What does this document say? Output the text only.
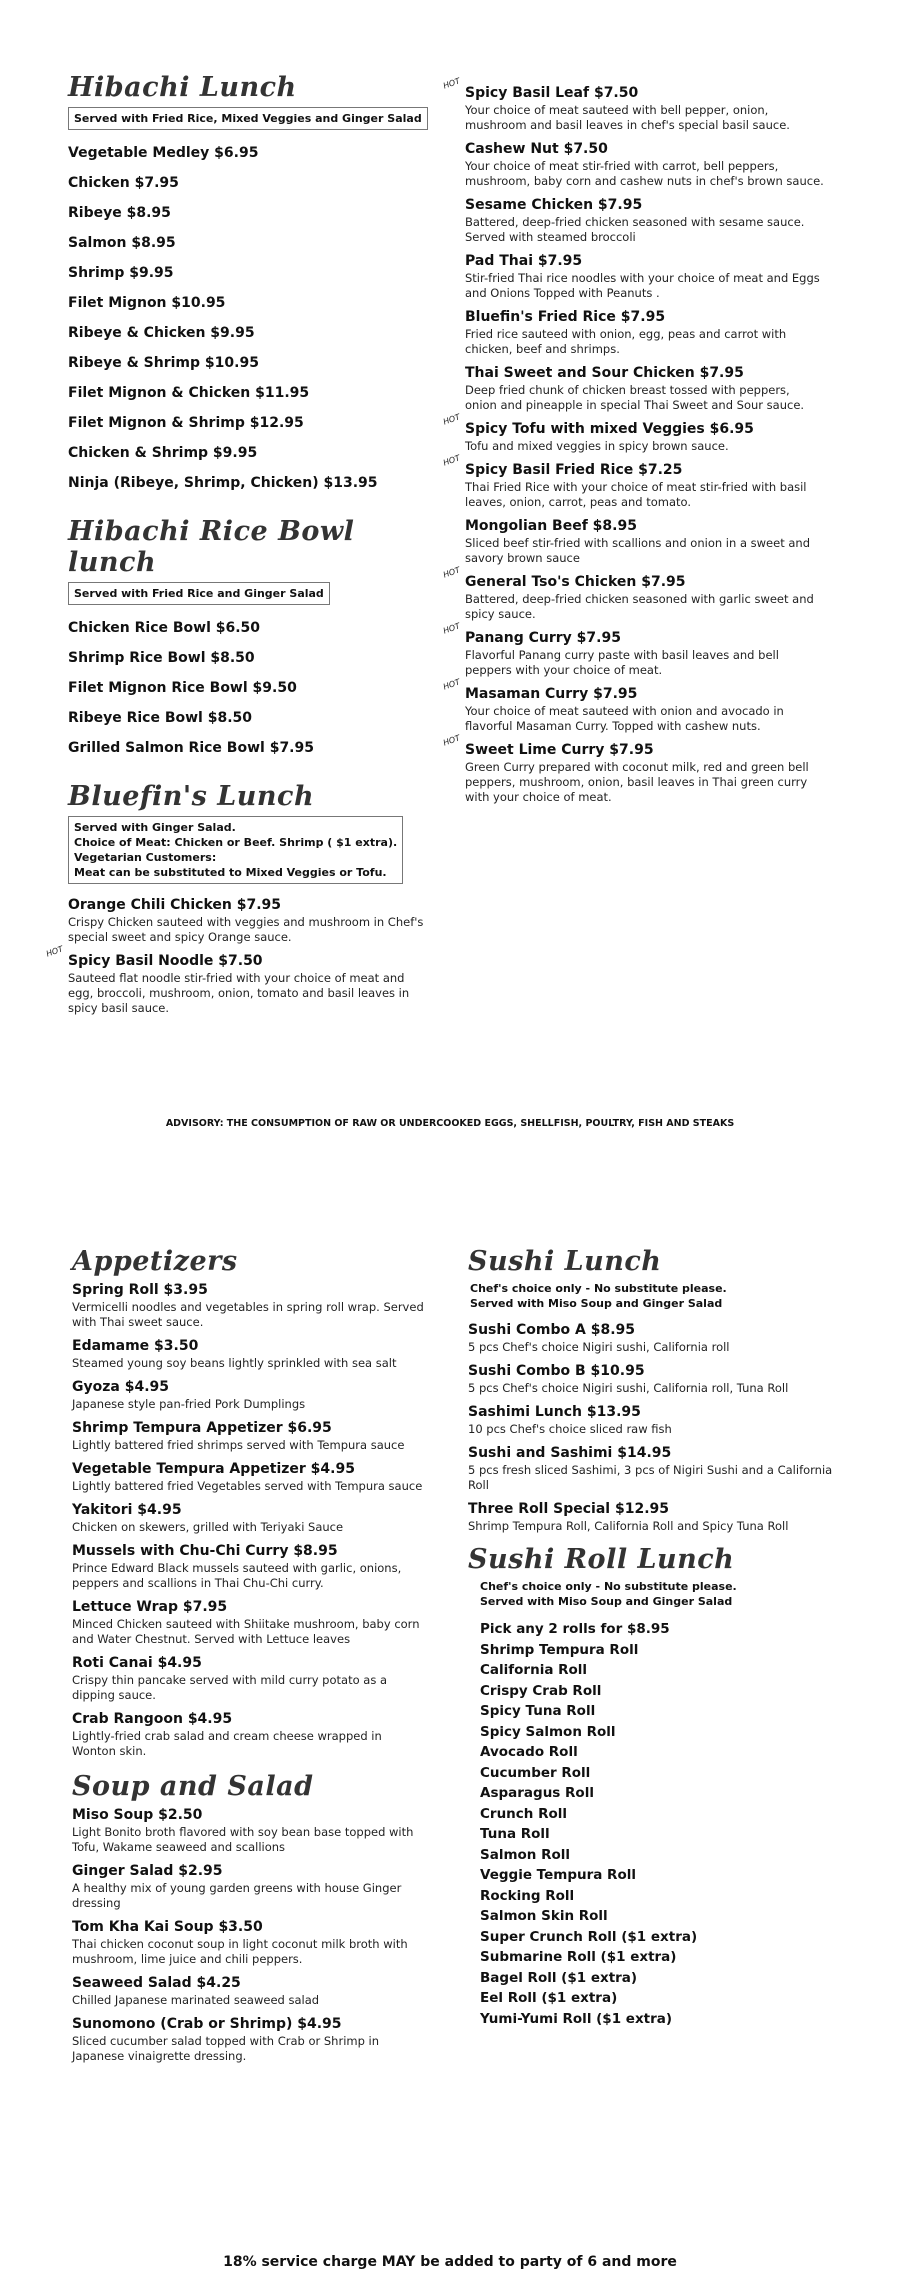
Hibachi Lunch
Served with Fried Rice, Mixed Veggies and Ginger Salad
Vegetable Medley $6.95
Chicken $7.95
Ribeye $8.95
Salmon $8.95
Shrimp $9.95
Filet Mignon $10.95
Ribeye & Chicken $9.95
Ribeye & Shrimp $10.95
Filet Mignon & Chicken $11.95
Filet Mignon & Shrimp $12.95
Chicken & Shrimp $9.95
Ninja (Ribeye, Shrimp, Chicken) $13.95
Hibachi Rice Bowl lunch
Served with Fried Rice and Ginger Salad
Chicken Rice Bowl $6.50
Shrimp Rice Bowl $8.50
Filet Mignon Rice Bowl $9.50
Ribeye Rice Bowl $8.50
Grilled Salmon Rice Bowl $7.95
Bluefin's Lunch
Served with Ginger Salad.
Choice of Meat: Chicken or Beef. Shrimp ( $1 extra).
Vegetarian Customers:
Meat can be substituted to Mixed Veggies or Tofu.
Orange Chili Chicken $7.95
Crispy Chicken sauteed with veggies and mushroom in Chef's special sweet and spicy Orange sauce.
HOT
Spicy Basil Noodle $7.50
Sauteed flat noodle stir-fried with your choice of meat and egg, broccoli, mushroom, onion, tomato and basil leaves in spicy basil sauce.
HOT
Spicy Basil Leaf $7.50
Your choice of meat sauteed with bell pepper, onion, mushroom and basil leaves in chef's special basil sauce.
Cashew Nut $7.50
Your choice of meat stir-fried with carrot, bell peppers, mushroom, baby corn and cashew nuts in chef's brown sauce.
Sesame Chicken $7.95
Battered, deep-fried chicken seasoned with sesame sauce. Served with steamed broccoli
Pad Thai $7.95
Stir-fried Thai rice noodles with your choice of meat and Eggs and Onions Topped with Peanuts .
Bluefin's Fried Rice $7.95
Fried rice sauteed with onion, egg, peas and carrot with chicken, beef and shrimps.
Thai Sweet and Sour Chicken $7.95
Deep fried chunk of chicken breast tossed with peppers, onion and pineapple in special Thai Sweet and Sour sauce.
HOT
Spicy Tofu with mixed Veggies $6.95
Tofu and mixed veggies in spicy brown sauce.
HOT
Spicy Basil Fried Rice $7.25
Thai Fried Rice with your choice of meat stir-fried with basil leaves, onion, carrot, peas and tomato.
Mongolian Beef $8.95
Sliced beef stir-fried with scallions and onion in a sweet and savory brown sauce
HOT
General Tso's Chicken $7.95
Battered, deep-fried chicken seasoned with garlic sweet and spicy sauce.
HOT
Panang Curry $7.95
Flavorful Panang curry paste with basil leaves and bell peppers with your choice of meat.
HOT
Masaman Curry $7.95
Your choice of meat sauteed with onion and avocado in flavorful Masaman Curry. Topped with cashew nuts.
HOT
Sweet Lime Curry $7.95
Green Curry prepared with coconut milk, red and green bell peppers, mushroom, onion, basil leaves in Thai green curry with your choice of meat.
ADVISORY: THE CONSUMPTION OF RAW OR UNDERCOOKED EGGS, SHELLFISH, POULTRY, FISH AND STEAKS
Appetizers
Spring Roll $3.95
Vermicelli noodles and vegetables in spring roll wrap. Served with Thai sweet sauce.
Edamame $3.50
Steamed young soy beans lightly sprinkled with sea salt
Gyoza $4.95
Japanese style pan-fried Pork Dumplings
Shrimp Tempura Appetizer $6.95
Lightly battered fried shrimps served with Tempura sauce
Vegetable Tempura Appetizer $4.95
Lightly battered fried Vegetables served with Tempura sauce
Yakitori $4.95
Chicken on skewers, grilled with Teriyaki Sauce
Mussels with Chu-Chi Curry $8.95
Prince Edward Black mussels sauteed with garlic, onions, peppers and scallions in Thai Chu-Chi curry.
Lettuce Wrap $7.95
Minced Chicken sauteed with Shiitake mushroom, baby corn and Water Chestnut. Served with Lettuce leaves
Roti Canai $4.95
Crispy thin pancake served with mild curry potato as a dipping sauce.
Crab Rangoon $4.95
Lightly-fried crab salad and cream cheese wrapped in Wonton skin.
Soup and Salad
Miso Soup $2.50
Light Bonito broth flavored with soy bean base topped with Tofu, Wakame seaweed and scallions
Ginger Salad $2.95
A healthy mix of young garden greens with house Ginger dressing
Tom Kha Kai Soup $3.50
Thai chicken coconut soup in light coconut milk broth with mushroom, lime juice and chili peppers.
Seaweed Salad $4.25
Chilled Japanese marinated seaweed salad
Sunomono (Crab or Shrimp) $4.95
Sliced cucumber salad topped with Crab or Shrimp in Japanese vinaigrette dressing.
Sushi Lunch
Chef's choice only - No substitute please.
Served with Miso Soup and Ginger Salad
Sushi Combo A $8.95
5 pcs Chef's choice Nigiri sushi, California roll
Sushi Combo B $10.95
5 pcs Chef's choice Nigiri sushi, California roll, Tuna Roll
Sashimi Lunch $13.95
10 pcs Chef's choice sliced raw fish
Sushi and Sashimi $14.95
5 pcs fresh sliced Sashimi, 3 pcs of Nigiri Sushi and a California Roll
Three Roll Special $12.95
Shrimp Tempura Roll, California Roll and Spicy Tuna Roll
Sushi Roll Lunch
Chef's choice only - No substitute please.
Served with Miso Soup and Ginger Salad
Pick any 2 rolls for $8.95
Shrimp Tempura Roll
California Roll
Crispy Crab Roll
Spicy Tuna Roll
Spicy Salmon Roll
Avocado Roll
Cucumber Roll
Asparagus Roll
Crunch Roll
Tuna Roll
Salmon Roll
Veggie Tempura Roll
Rocking Roll
Salmon Skin Roll
Super Crunch Roll ($1 extra)
Submarine Roll ($1 extra)
Bagel Roll ($1 extra)
Eel Roll ($1 extra)
Yumi-Yumi Roll ($1 extra)
18% service charge MAY be added to party of 6 and more
